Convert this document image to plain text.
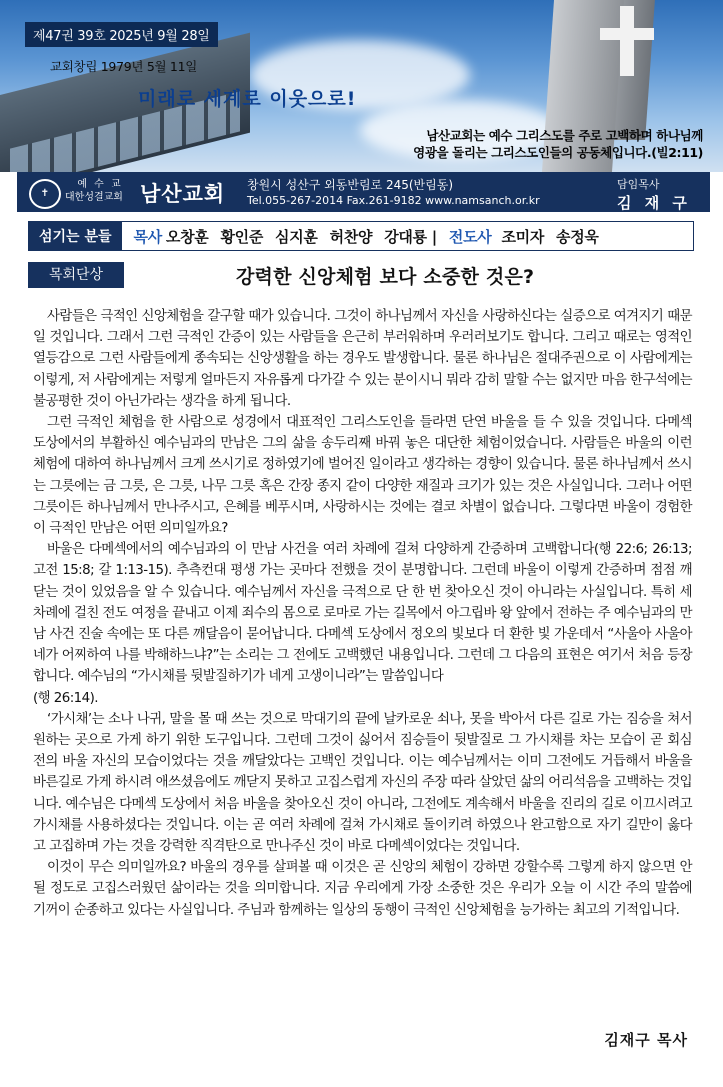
제47권 39호 2025년 9월 28일
교회창립 1979년 5월 11일
미래로 세계로 이웃으로!
남산교회는 예수 그리스도를 주로 고백하며 하나님께
영광을 돌리는 그리스도인들의 공동체입니다.(빌2:11)
✝
예 수 교
대한성결교회 남산교회 창원시 성산구 외동반림로 245(반림동)
Tel.055-267-2014 Fax.261-9182 www.namsanch.or.kr
담임목사
김 재 구
섬기는 분들	목사 오창훈 황인준 심지훈 허찬양 강대룡 | 전도사 조미자 송정욱
목회단상	강력한 신앙체험 보다 소중한 것은?

사람들은 극적인 신앙체험을 갈구할 때가 있습니다. 그것이 하나님께서 자신을 사랑하신다는 실증으로 여겨지기 때문일 것입니다. 그래서 그런 극적인 간증이 있는 사람들을 은근히 부러워하며 우러러보기도 합니다. 그리고 때로는 영적인 열등감으로 그런 사람들에게 종속되는 신앙생활을 하는 경우도 발생합니다. 물론 하나님은 절대주권으로 이 사람에게는 이렇게, 저 사람에게는 저렇게 얼마든지 자유롭게 다가갈 수 있는 분이시니 뭐라 감히 말할 수는 없지만 마음 한구석에는 불공평한 것이 아닌가라는 생각을 하게 됩니다.

그런 극적인 체험을 한 사람으로 성경에서 대표적인 그리스도인을 들라면 단연 바울을 들 수 있을 것입니다. 다메섹 도상에서의 부활하신 예수님과의 만남은 그의 삶을 송두리째 바꿔 놓은 대단한 체험이었습니다. 사람들은 바울의 이런 체험에 대하여 하나님께서 크게 쓰시기로 정하였기에 벌어진 일이라고 생각하는 경향이 있습니다. 물론 하나님께서 쓰시는 그릇에는 금 그릇, 은 그릇, 나무 그릇 혹은 간장 종지 같이 다양한 재질과 크기가 있는 것은 사실입니다. 그러나 어떤 그릇이든 하나님께서 만나주시고, 은혜를 베푸시며, 사랑하시는 것에는 결코 차별이 없습니다. 그렇다면 바울이 경험한 이 극적인 만남은 어떤 의미일까요?

바울은 다메섹에서의 예수님과의 이 만남 사건을 여러 차례에 걸쳐 다양하게 간증하며 고백합니다(행 22:6; 26:13; 고전 15:8; 갈 1:13-15). 추측컨대 평생 가는 곳마다 전했을 것이 분명합니다. 그런데 바울이 이렇게 간증하며 점점 깨닫는 것이 있었음을 알 수 있습니다. 예수님께서 자신을 극적으로 단 한 번 찾아오신 것이 아니라는 사실입니다. 특히 세 차례에 걸친 전도 여정을 끝내고 이제 죄수의 몸으로 로마로 가는 길목에서 아그립바 왕 앞에서 전하는 주 예수님과의 만남 사건 진술 속에는 또 다른 깨달음이 묻어납니다. 다메섹 도상에서 정오의 빛보다 더 환한 빛 가운데서 “사울아 사울아 네가 어찌하여 나를 박해하느냐?”는 소리는 그 전에도 고백했던 내용입니다. 그런데 그 다음의 표현은 여기서 처음 등장합니다. 예수님의 “가시채를 뒷발질하기가 네게 고생이니라”는 말씀입니다

(행 26:14).

‘가시채’는 소나 나귀, 말을 몰 때 쓰는 것으로 막대기의 끝에 날카로운 쇠나, 못을 박아서 다른 길로 가는 짐승을 쳐서 원하는 곳으로 가게 하기 위한 도구입니다. 그런데 그것이 싫어서 짐승들이 뒷발질로 그 가시채를 차는 모습이 곧 회심 전의 바울 자신의 모습이었다는 것을 깨달았다는 고백인 것입니다. 이는 예수님께서는 이미 그전에도 거듭해서 바울을 바른길로 가게 하시려 애쓰셨음에도 깨닫지 못하고 고집스럽게 자신의 주장 따라 살았던 삶의 어리석음을 고백하는 것입니다. 예수님은 다메섹 도상에서 처음 바울을 찾아오신 것이 아니라, 그전에도 계속해서 바울을 진리의 길로 이끄시려고 가시채를 사용하셨다는 것입니다. 이는 곧 여러 차례에 걸쳐 가시채로 돌이키려 하였으나 완고함으로 자기 길만이 옳다고 고집하며 가는 것을 강력한 직격탄으로 만나주신 것이 바로 다메섹이었다는 것입니다.

이것이 무슨 의미일까요? 바울의 경우를 살펴볼 때 이것은 곧 신앙의 체험이 강하면 강할수록 그렇게 하지 않으면 안 될 정도로 고집스러웠던 삶이라는 것을 의미합니다. 지금 우리에게 가장 소중한 것은 우리가 오늘 이 시간 주의 말씀에 기꺼이 순종하고 있다는 사실입니다. 주님과 함께하는 일상의 동행이 극적인 신앙체험을 능가하는 최고의 기적입니다.

김재구 목사
